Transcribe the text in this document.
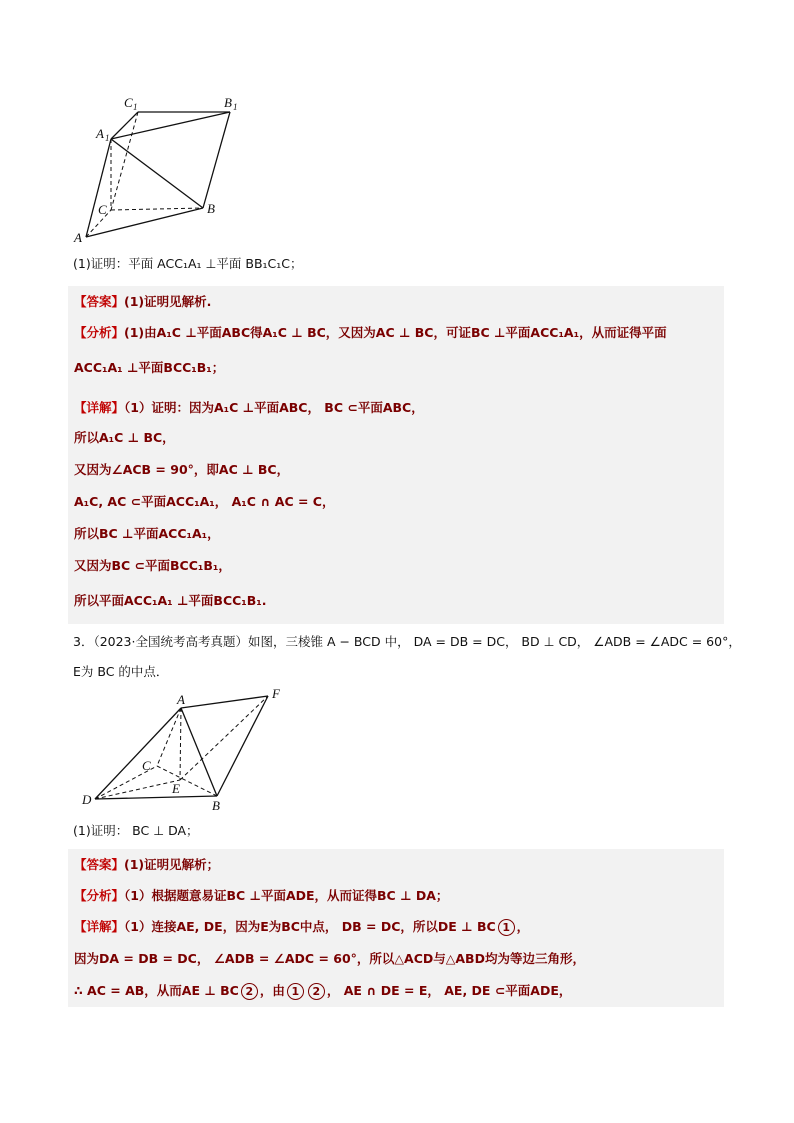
C 1	B 1
A 1
C	B
A
(1)证明：平面 ACC₁A₁ ⊥平面 BB₁C₁C；
【答案】(1)证明见解析.
【分析】(1)由A₁C ⊥平面ABC得A₁C ⊥ BC，又因为AC ⊥ BC，可证BC ⊥平面ACC₁A₁，从而证得平面
ACC₁A₁ ⊥平面BCC₁B₁；
【详解】（1）证明：因为A₁C ⊥平面ABC， BC ⊂平面ABC，
所以A₁C ⊥ BC，
又因为∠ACB = 90°，即AC ⊥ BC，
A₁C, AC ⊂平面ACC₁A₁， A₁C ∩ AC = C，
所以BC ⊥平面ACC₁A₁，
又因为BC ⊂平面BCC₁B₁，
所以平面ACC₁A₁ ⊥平面BCC₁B₁.
3．（2023·全国统考高考真题）如图，三棱锥 A − BCD 中， DA = DB = DC， BD ⊥ CD， ∠ADB = ∠ADC = 60°，
E为 BC 的中点．
A	F
C
E
D	B
(1)证明： BC ⊥ DA；
【答案】(1)证明见解析；
【分析】（1）根据题意易证BC ⊥平面ADE，从而证得BC ⊥ DA；
【详解】（1）连接AE, DE，因为E为BC中点， DB = DC，所以DE ⊥ BC 1 ，
因为DA = DB = DC， ∠ADB = ∠ADC = 60°，所以△ACD与△ABD均为等边三角形，
∴ AC = AB，从而AE ⊥ BC 2 ，由 1 2 ， AE ∩ DE = E， AE, DE ⊂平面ADE，
